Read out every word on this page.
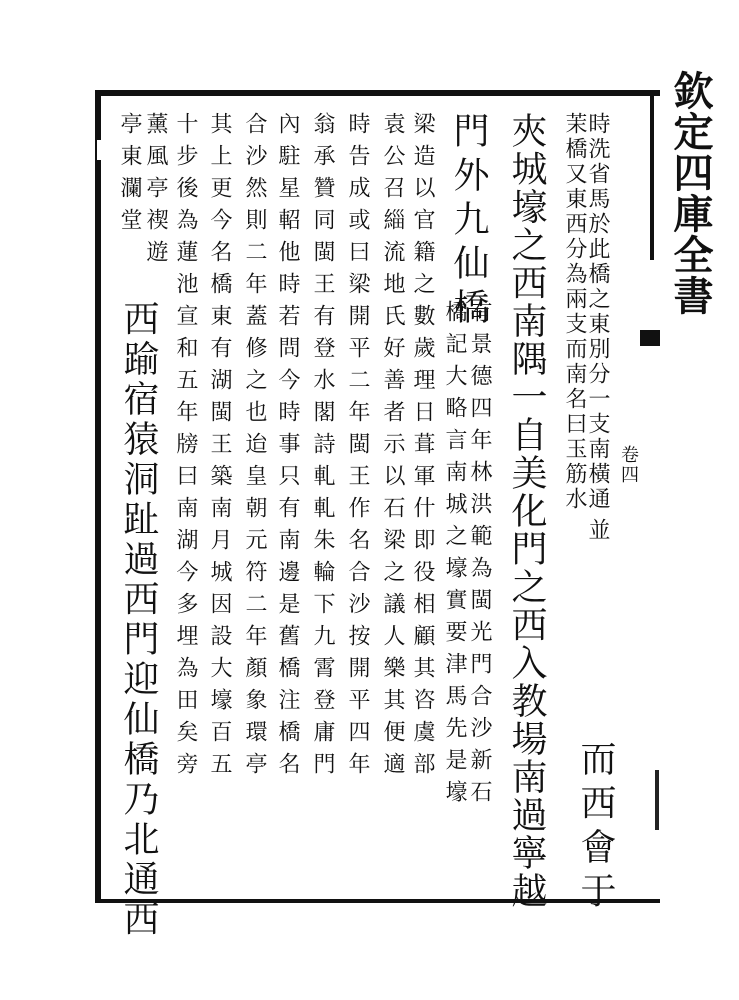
欽定四庫全書
卷四
時洗省馬於此橋之東別分一支南橫通並
茉橋又東西分為兩支而南名曰玉筋水
而西會于
夾城壕之西南隅一自美化門之西入教場南過寧越
門外九仙橋
有景德四年林洪範為閩光門合沙新石
橋記大略言南城之壕實要津馬先是壕
梁造以官籍之數歲理日葺軍什即役相顧其咨虞部
袁公召緇流地氏好善者示以石梁之議人樂其便適
時告成或曰梁開平二年閩王作名合沙按開平四年
翁承贊同閩王有登水閣詩軋軋朱輪下九霄登庸門
內駐星軺他時若問今時事只有南邊是舊橋注橋名
合沙然則二年蓋修之也迨皇朝元符二年顏象環亭
其上更今名橋東有湖閩王築南月城因設大壕百五
十步後為蓮池宣和五年牓曰南湖今多埋為田矣旁
薰風亭禊遊
西踰宿猿洞趾過西門迎仙橋乃北通西
亭東瀾堂
